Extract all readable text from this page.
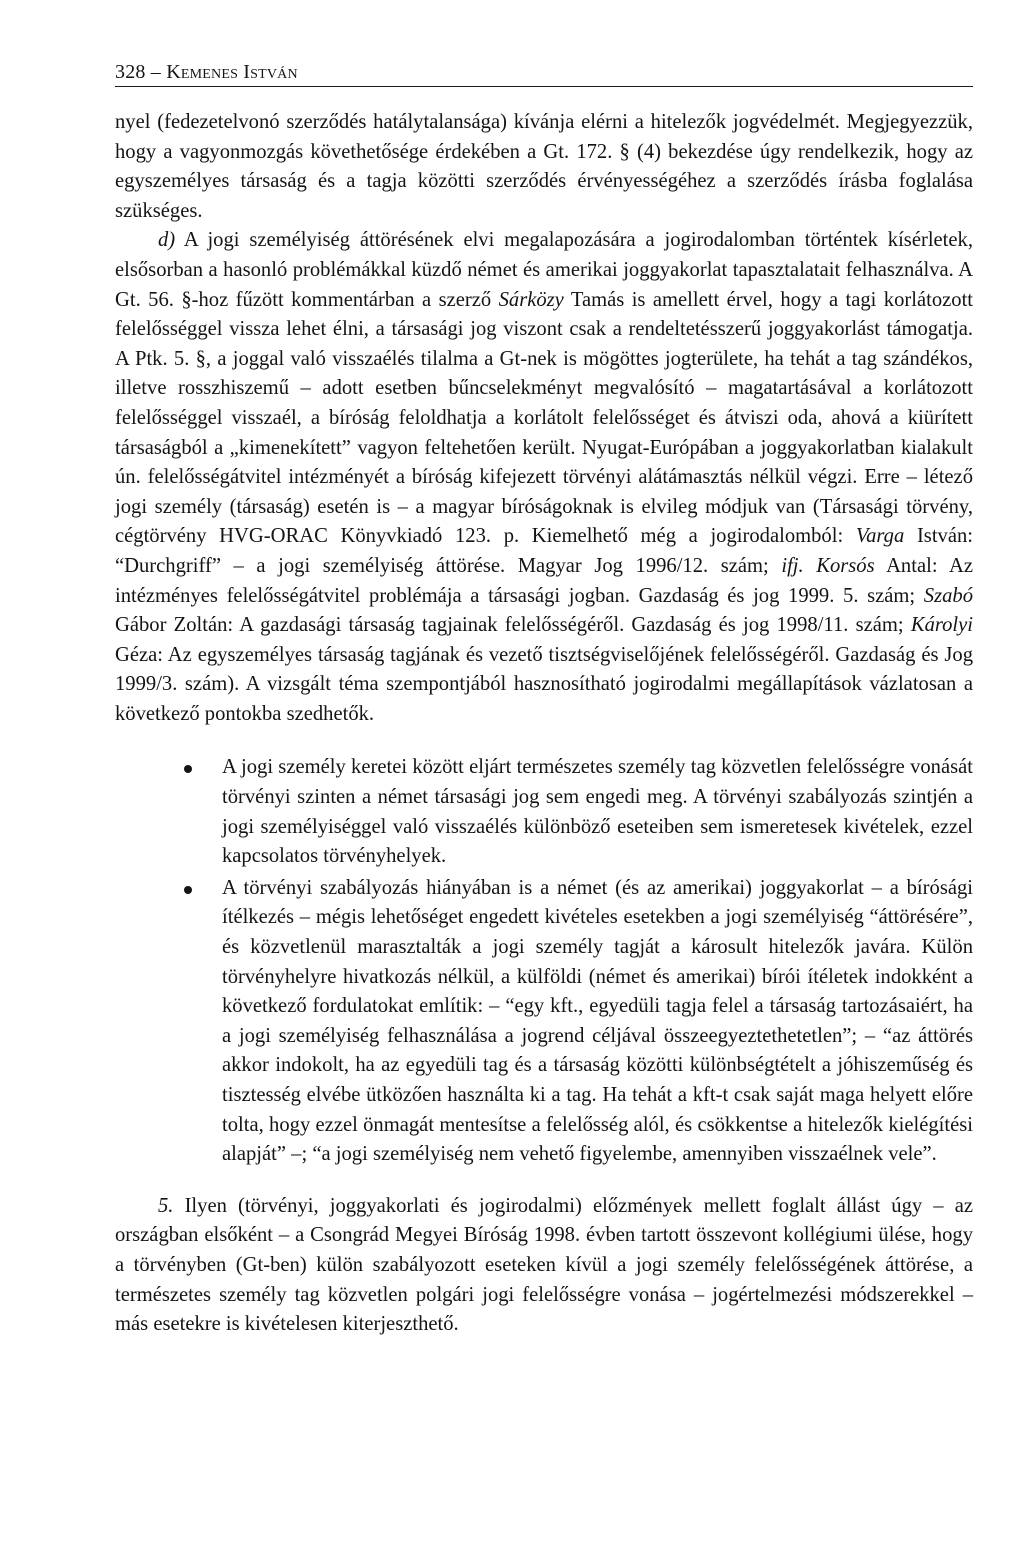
328 – Kemenes István

nyel (fedezetelvonó szerződés hatálytalansága) kívánja elérni a hitelezők jogvédelmét. Megjegyezzük, hogy a vagyonmozgás követhetősége érdekében a Gt. 172. § (4) bekezdése úgy rendelkezik, hogy az egyszemélyes társaság és a tagja közötti szerződés érvényességéhez a szerződés írásba foglalása szükséges.

d) A jogi személyiség áttörésének elvi megalapozására a jogirodalomban történtek kísérletek, elsősorban a hasonló problémákkal küzdő német és amerikai joggyakorlat tapasztalatait felhasználva. A Gt. 56. §-hoz fűzött kommentárban a szerző Sárközy Tamás is amellett érvel, hogy a tagi korlátozott felelősséggel vissza lehet élni, a társasági jog viszont csak a rendeltetésszerű joggyakorlást támogatja. A Ptk. 5. §, a joggal való visszaélés tilalma a Gt-nek is mögöttes jogterülete, ha tehát a tag szándékos, illetve rosszhiszemű – adott esetben bűncselekményt megvalósító – magatartásával a korlátozott felelősséggel visszaél, a bíróság feloldhatja a korlátolt felelősséget és átviszi oda, ahová a kiürített társaságból a „kimenekített” vagyon feltehetően került. Nyugat-Európában a joggyakorlatban kialakult ún. felelősségátvitel intézményét a bíróság kifejezett törvényi alátámasztás nélkül végzi. Erre – létező jogi személy (társaság) esetén is – a magyar bíróságoknak is elvileg módjuk van (Társasági törvény, cégtörvény HVG-ORAC Könyvkiadó 123. p. Kiemelhető még a jogirodalomból: Varga István: “Durchgriff” – a jogi személyiség áttörése. Magyar Jog 1996/12. szám; ifj. Korsós Antal: Az intézményes felelősségátvitel problémája a társasági jogban. Gazdaság és jog 1999. 5. szám; Szabó Gábor Zoltán: A gazdasági társaság tagjainak felelősségéről. Gazdaság és jog 1998/11. szám; Károlyi Géza: Az egyszemélyes társaság tagjának és vezető tisztségviselőjének felelősségéről. Gazdaság és Jog 1999/3. szám). A vizsgált téma szempontjából hasznosítható jogirodalmi megállapítások vázlatosan a következő pontokba szedhetők.

A jogi személy keretei között eljárt természetes személy tag közvetlen felelősségre vonását törvényi szinten a német társasági jog sem engedi meg. A törvényi szabályozás szintjén a jogi személyiséggel való visszaélés különböző eseteiben sem ismeretesek kivételek, ezzel kapcsolatos törvényhelyek.
A törvényi szabályozás hiányában is a német (és az amerikai) joggyakorlat – a bírósági ítélkezés – mégis lehetőséget engedett kivételes esetekben a jogi személyiség “áttörésére”, és közvetlenül marasztalták a jogi személy tagját a károsult hitelezők javára. Külön törvényhelyre hivatkozás nélkül, a külföldi (német és amerikai) bírói ítéletek indokként a következő fordulatokat említik: – “egy kft., egyedüli tagja felel a társaság tartozásaiért, ha a jogi személyiség felhasználása a jogrend céljával összeegyeztethetetlen”; – “az áttörés akkor indokolt, ha az egyedüli tag és a társaság közötti különbségtételt a jóhiszeműség és tisztesség elvébe ütközően használta ki a tag. Ha tehát a kft-t csak saját maga helyett előre tolta, hogy ezzel önmagát mentesítse a felelősség alól, és csökkentse a hitelezők kielégítési alapját” –; “a jogi személyiség nem vehető figyelembe, amennyiben visszaélnek vele”.

5. Ilyen (törvényi, joggyakorlati és jogirodalmi) előzmények mellett foglalt állást úgy – az országban elsőként – a Csongrád Megyei Bíróság 1998. évben tartott összevont kollégiumi ülése, hogy a törvényben (Gt-ben) külön szabályozott eseteken kívül a jogi személy felelősségének áttörése, a természetes személy tag közvetlen polgári jogi felelősségre vonása – jogértelmezési módszerekkel – más esetekre is kivételesen kiterjeszthető.
